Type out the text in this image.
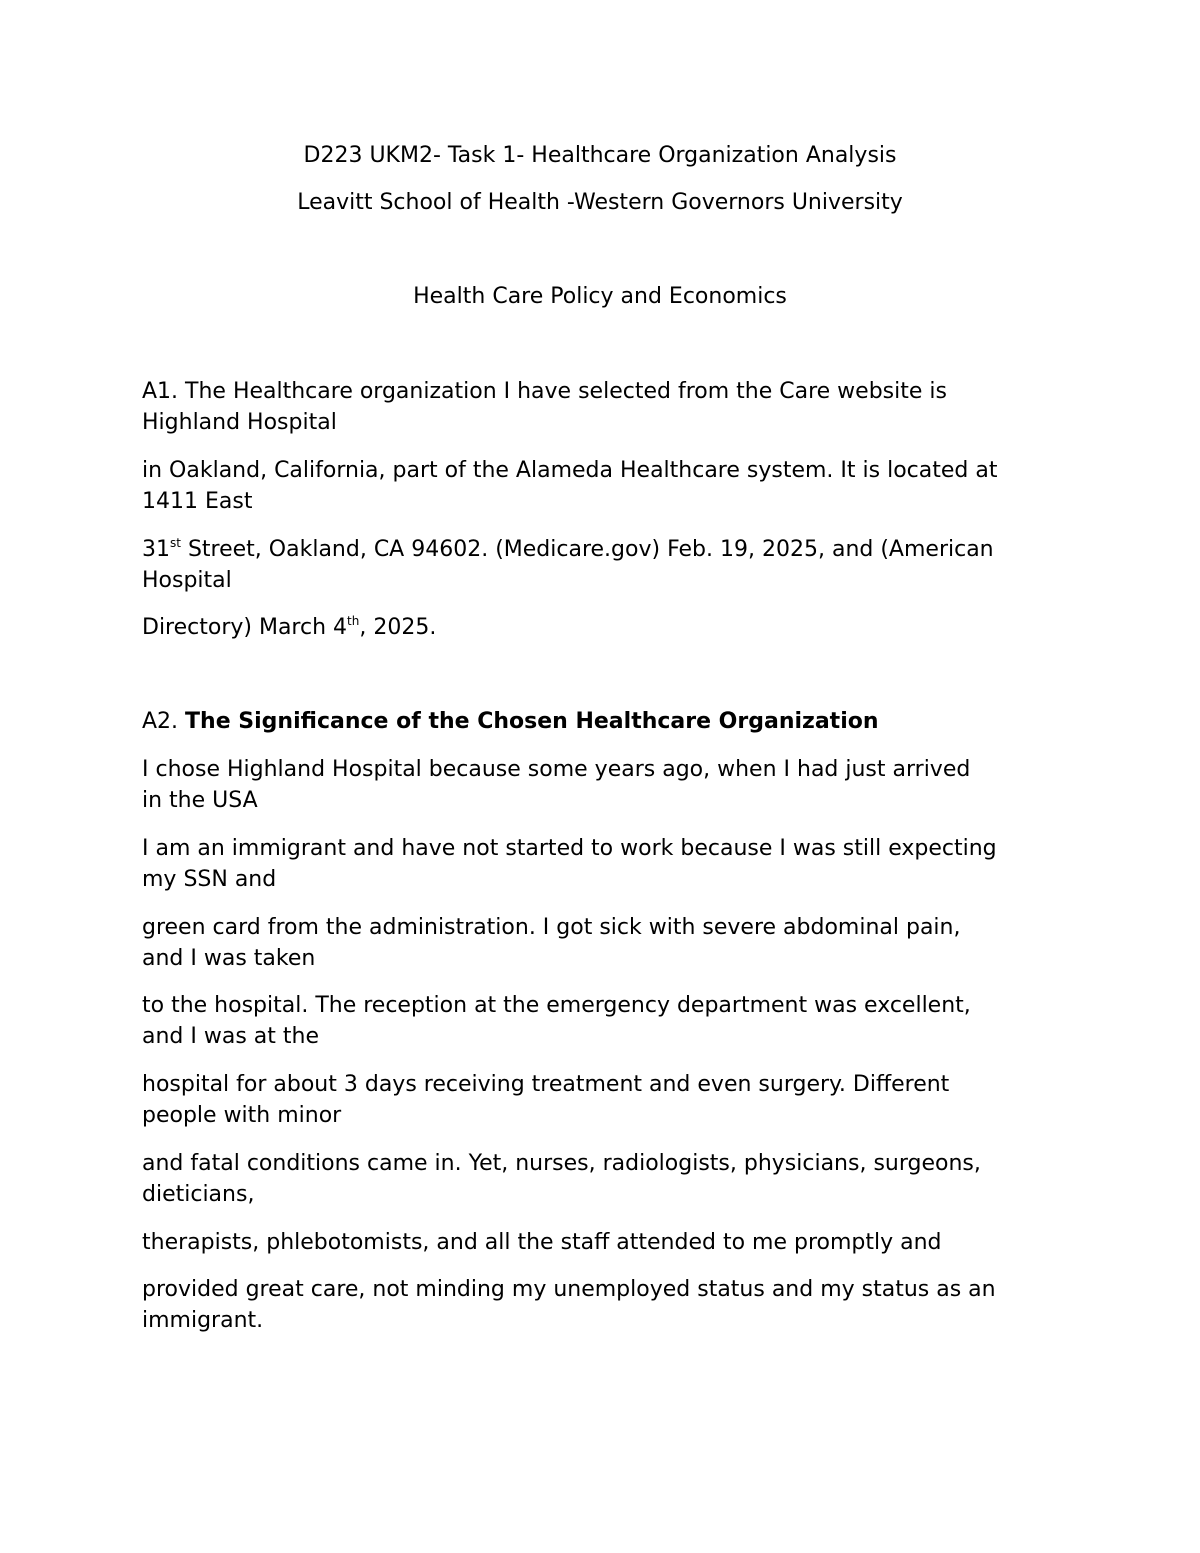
D223 UKM2- Task 1- Healthcare Organization Analysis
Leavitt School of Health -Western Governors University
Health Care Policy and Economics
A1. The Healthcare organization I have selected from the Care website is
Highland Hospital
in Oakland, California, part of the Alameda Healthcare system. It is located at
1411 East
31st Street, Oakland, CA 94602. (Medicare.gov) Feb. 19, 2025, and (American
Hospital
Directory) March 4th, 2025.
A2. The Significance of the Chosen Healthcare Organization
I chose Highland Hospital because some years ago, when I had just arrived
in the USA
I am an immigrant and have not started to work because I was still expecting
my SSN and
green card from the administration. I got sick with severe abdominal pain,
and I was taken
to the hospital. The reception at the emergency department was excellent,
and I was at the
hospital for about 3 days receiving treatment and even surgery. Different
people with minor
and fatal conditions came in. Yet, nurses, radiologists, physicians, surgeons,
dieticians,
therapists, phlebotomists, and all the staff attended to me promptly and
provided great care, not minding my unemployed status and my status as an
immigrant.
